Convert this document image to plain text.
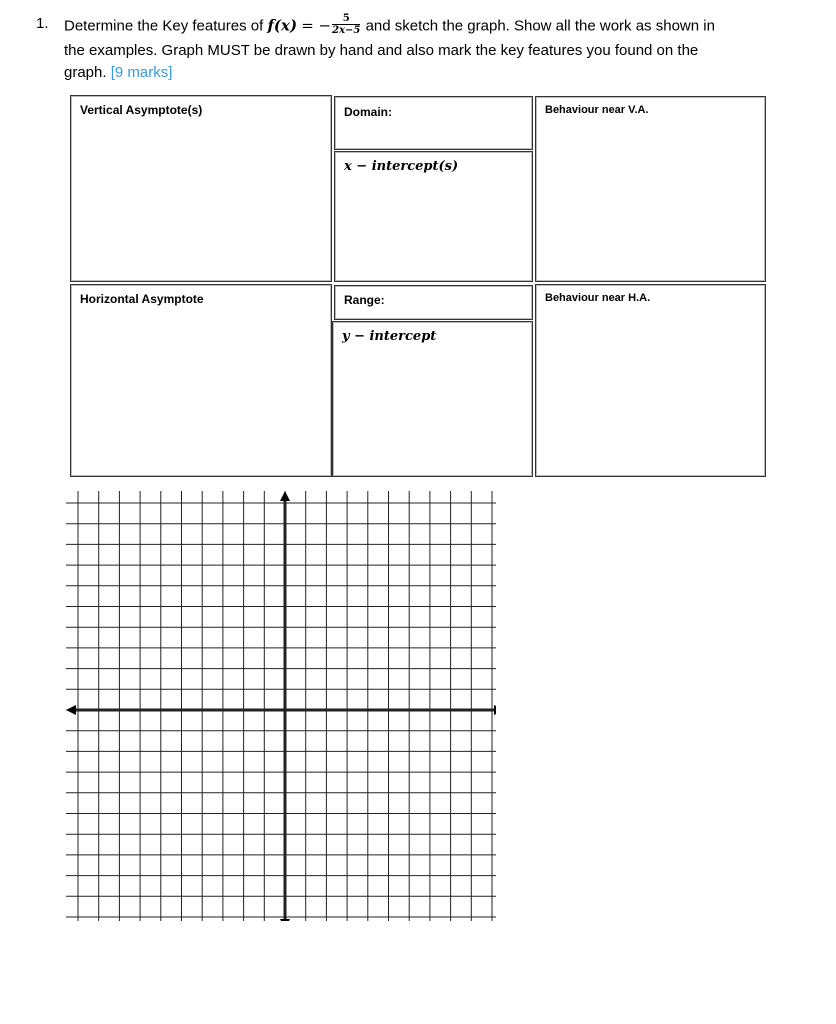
1. Determine the Key features of f(x) = − $\frac{5}{2x-5}$ and sketch the graph. Show all the work as shown in
the examples. Graph MUST be drawn by hand and also mark the key features you found on the
graph. [9 marks]
Vertical Asymptote(s)	Domain:
x − intercept(s)
Behaviour near V.A.
Horizontal Asymptote	Range:
y − intercept
Behaviour near H.A.
